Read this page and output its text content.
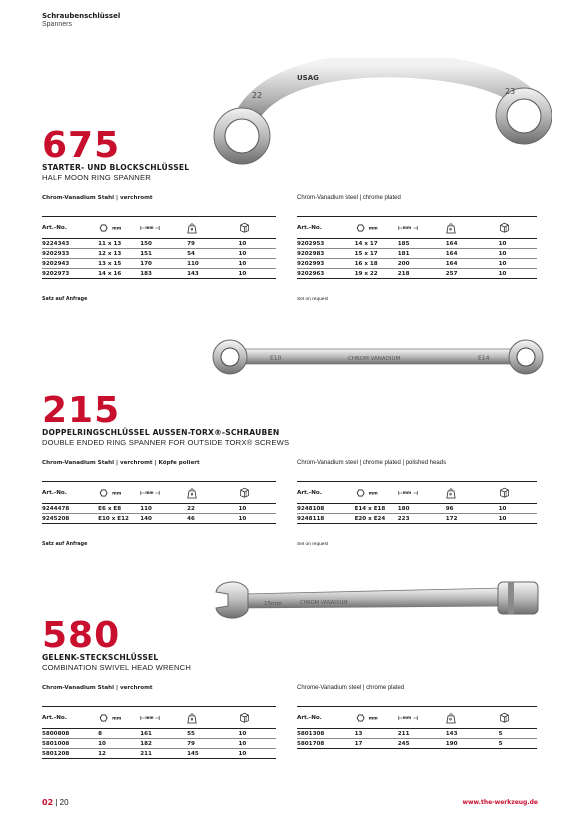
Schraubenschlüssel
Spanners
USAG
22	23
675
STARTER- UND BLOCKSCHLÜSSEL
HALF MOON RING SPANNER
Chrom-Vanadium Stahl | verchromt	Chrom-Vanadium steel | chrome plated
Art.-No.	mm	mm	g

9224343	11 x 13	150	79	10
9202933	12 x 13	151	54	10
9202943	13 x 15	170	110	10
9202973	14 x 16	183	143	10
Art.-No.	mm	mm	g

9202953	14 x 17	185	164	10
9202983	15 x 17	181	164	10
9202993	16 x 18	200	164	10
9202963	19 x 22	218	257	10
Satz auf Anfrage	Set on request
E10	CHROM VANADIUM	E14
215
DOPPELRINGSCHLÜSSEL AUSSEN-TORX®-SCHRAUBEN
DOUBLE ENDED RING SPANNER FOR OUTSIDE TORX® SCREWS
Chrom-Vanadium Stahl | verchromt | Köpfe poliert	Chrom-Vanadium steel | chrome plated | polished heads
Art.-No.	mm	mm	g

9244478	E6 x E8	110	22	10
9245208	E10 x E12	140	46	10
Art.-No.	mm	mm	g

9248108	E14 x E18	180	96	10
9248118	E20 x E24	223	172	10
Satz auf Anfrage	Set on request
15mm	CHROM VANADIUM
580
GELENK-STECKSCHLÜSSEL
COMBINATION SWIVEL HEAD WRENCH
Chrom-Vanadium Stahl | verchromt	Chrome-Vanadium steel | chrome plated
Art.-No.	mm	mm	g

5800808	8	161	55	10
5801008	10	182	79	10
5801208	12	211	145	10
Art.-No.	mm	mm	g

5801308	13	211	143	5
5801708	17	245	190	5
02 | 20	www.the-werkzeug.de
